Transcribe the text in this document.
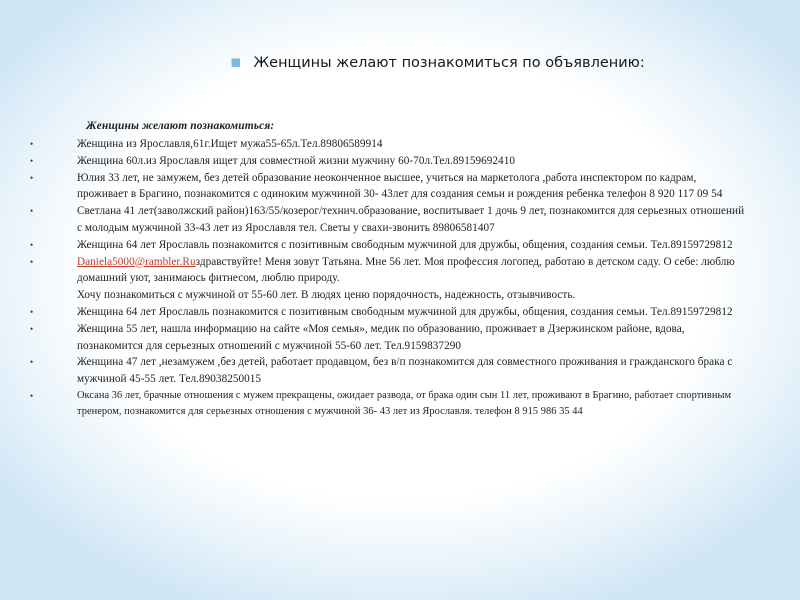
▪ Женщины желают познакомиться по объявлению:
Женщины желают познакомиться:
•	Женщина из Ярославля,61г.Ищет мужа55-65л.Тел.89806589914
•	Женщина 60л.из Ярославля ищет для совместной жизни мужчину 60-70л.Тел.89159692410
•	Юлия 33 лет, не замужем, без детей образование неоконченное высшее, учиться на маркетолога ,работа инспектором по кадрам, проживает в Брагино, познакомится с одиноким мужчиной 30- 43лет для создания семьи и рождения ребенка телефон 8 920 117 09 54
•	Светлана 41 лет(заволжский район)163/55/козерог/технич.образование, воспитывает 1 дочь 9 лет, познакомится для серьезных отношений с молодым мужчиной 33-43 лет из Ярославля тел. Светы у свахи-звонить 89806581407
•	Женщина 64 лет Ярославль познакомится с позитивным свободным мужчиной для дружбы, общения, создания семьи. Тел.89159729812
•	Daniela5000@rambler.Ruздравствуйте! Меня зовут Татьяна. Мне 56 лет. Моя профессия логопед, работаю в детском саду. О себе: люблю домашний уют, занимаюсь фитнесом, люблю природу.
Хочу познакомиться с мужчиной от 55-60 лет. В людях ценю порядочность, надежность, отзывчивость.
•	Женщина 64 лет Ярославль познакомится с позитивным свободным мужчиной для дружбы, общения, создания семьи. Тел.89159729812
•	Женщина 55 лет, нашла информацию на сайте «Моя семья», медик по образованию, проживает в Дзержинском районе, вдова, познакомится для серьезных отношений с мужчиной 55-60 лет. Тел.9159837290
•	Женщина 47 лет ,незамужем ,без детей, работает продавцом, без в/п познакомится для совместного проживания и гражданского брака с мужчиной 45-55 лет. Тел.89038250015
•	Оксана 36 лет, брачные отношения с мужем прекращены, ожидает развода, от брака один сын 11 лет, проживают в Брагино, работает спортивным тренером, познакомится для серьезных отношения с мужчиной 36- 43 лет из Ярославля. телефон 8 915 986 35 44
